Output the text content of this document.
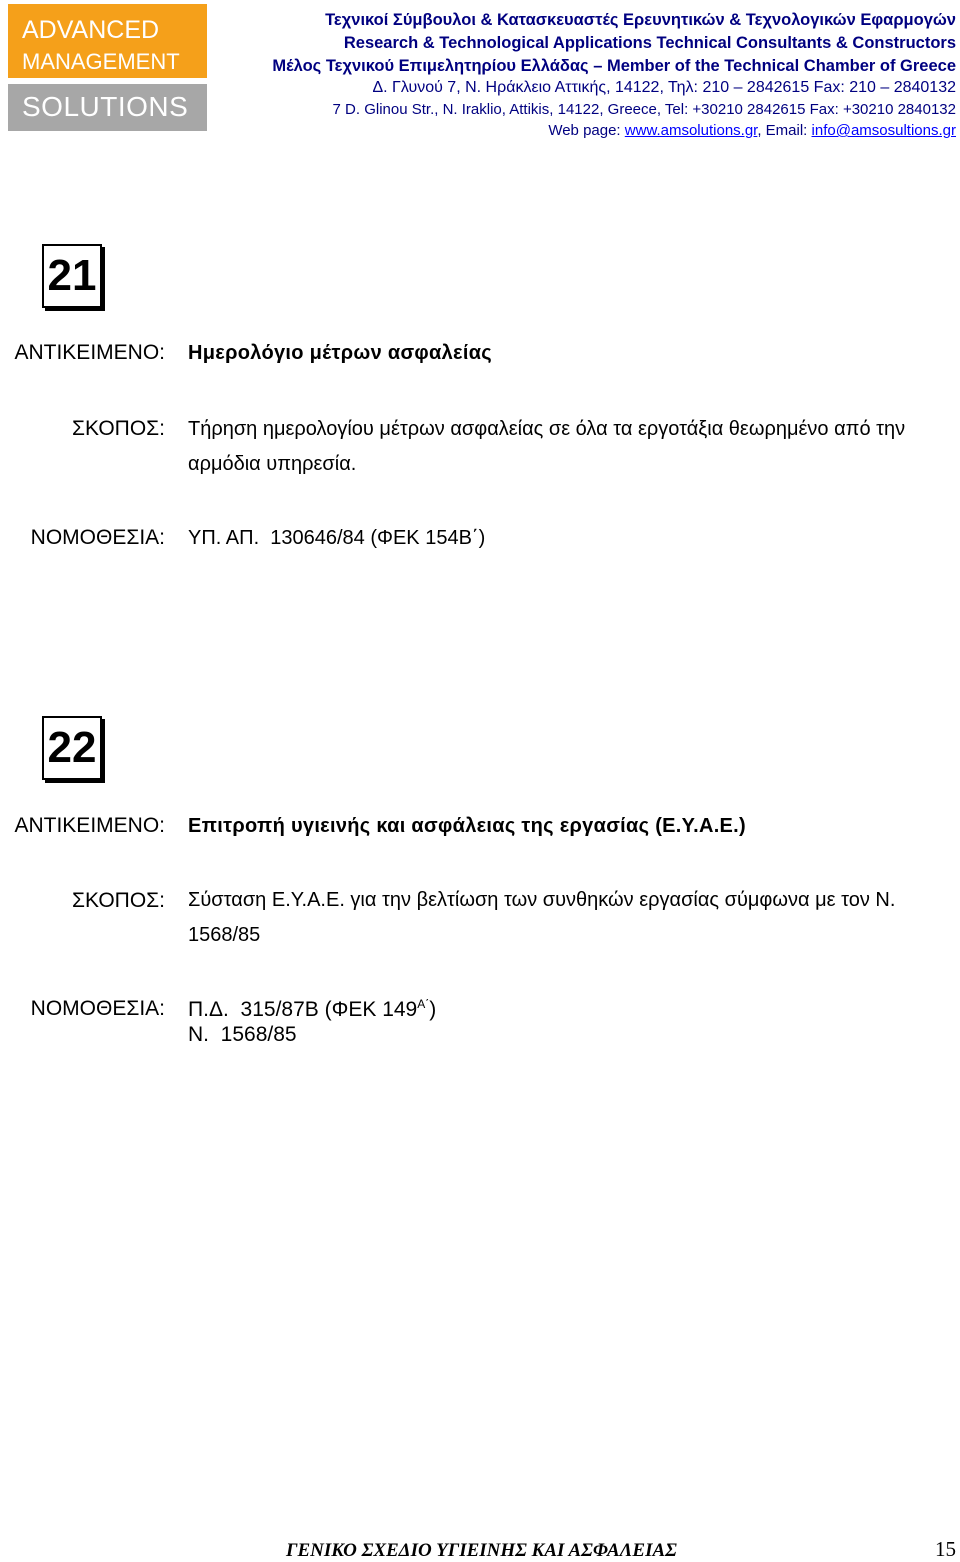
ADVANCED
MANAGEMENT
SOLUTIONS
Τεχνικοί Σύμβουλοι & Κατασκευαστές Ερευνητικών & Τεχνολογικών Εφαρμογών
Research & Technological Applications Technical Consultants & Constructors
Μέλος Τεχνικού Επιμελητηρίου Ελλάδας – Member of the Technical Chamber of Greece
Δ. Γλυνού 7, Ν. Ηράκλειο Αττικής, 14122, Τηλ: 210 – 2842615 Fax: 210 – 2840132
7 D. Glinou Str., N. Iraklio, Attikis, 14122, Greece, Tel: +30210 2842615 Fax: +30210 2840132
Web page: www.amsolutions.gr, Email: info@amsosultions.gr
21
ΑΝΤΙΚΕΙΜΕΝΟ: Ημερολόγιο μέτρων ασφαλείας
ΣΚΟΠΟΣ: Τήρηση ημερολογίου μέτρων ασφαλείας σε όλα τα εργοτάξια θεωρημένο από την
αρμόδια υπηρεσία.
ΝΟΜΟΘΕΣΙΑ: ΥΠ. ΑΠ.  130646/84 (ΦΕΚ 154Β΄)
22
ΑΝΤΙΚΕΙΜΕΝΟ: Επιτροπή υγιεινής και ασφάλειας της εργασίας (Ε.Υ.Α.Ε.)
ΣΚΟΠΟΣ: Σύσταση Ε.Υ.Α.Ε. για την βελτίωση των συνθηκών εργασίας σύμφωνα με τον Ν.
1568/85
ΝΟΜΟΘΕΣΙΑ: Π.Δ.  315/87Β (ΦΕΚ $149^{A΄}$)
Ν.  1568/85
ΓΕΝΙΚΟ ΣΧΕΔΙΟ ΥΓΙΕΙΝΗΣ ΚΑΙ ΑΣΦΑΛΕΙΑΣ	15
